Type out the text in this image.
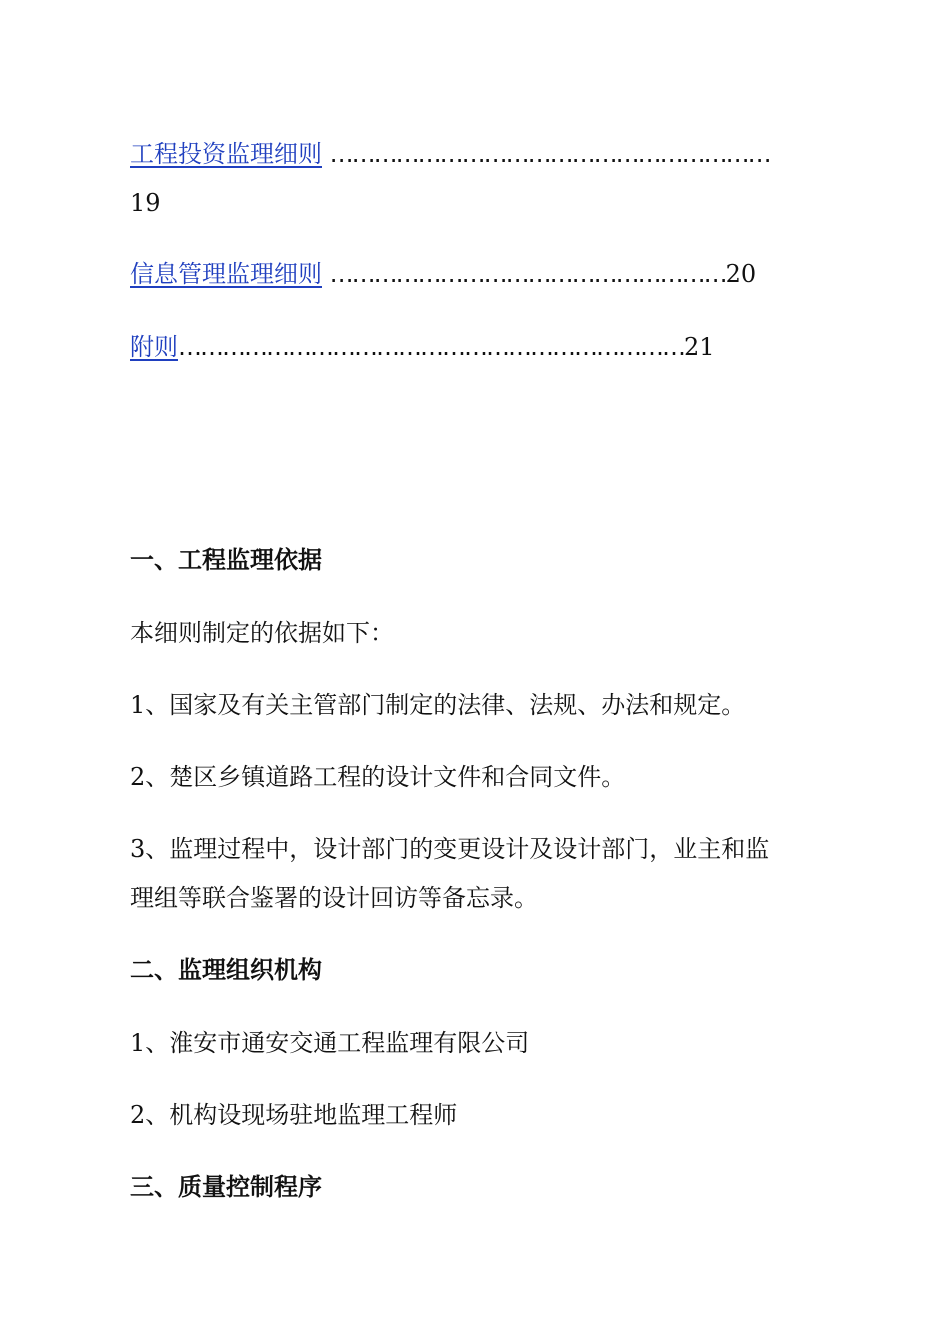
工程投资监理细则 ……………………………………………………
19
信息管理监理细则 ………………………………………………20
附则……………………………………………………………21
一、工程监理依据
本细则制定的依据如下：
1、国家及有关主管部门制定的法律、法规、办法和规定。
2、楚区乡镇道路工程的设计文件和合同文件。
3、监理过程中，设计部门的变更设计及设计部门，业主和监
理组等联合鉴署的设计回访等备忘录。
二、监理组织机构
1、淮安市通安交通工程监理有限公司
2、机构设现场驻地监理工程师
三、质量控制程序
